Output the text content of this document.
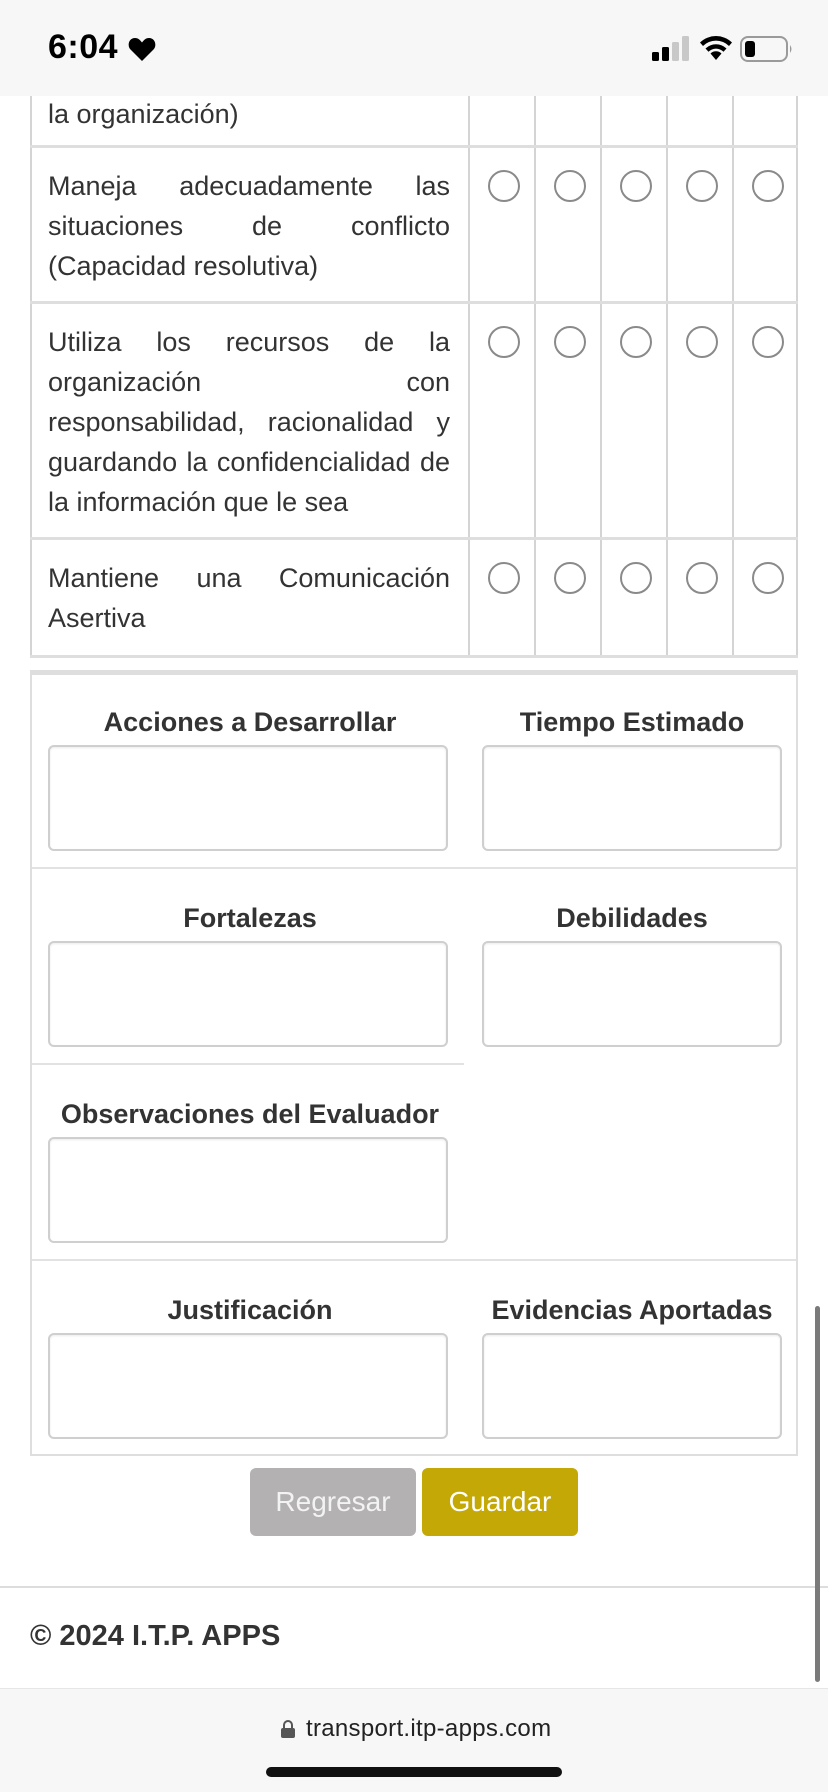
6:04
la organización)
Maneja adecuadamente las situaciones de conflicto (Capacidad resolutiva)
Utiliza los recursos de la organización con responsabilidad, racionalidad y guardando la confidencialidad de la información que le sea
Mantiene una Comunicación Asertiva
Acciones a Desarrollar	Tiempo Estimado
Fortalezas	Debilidades
Observaciones del Evaluador
Justificación	Evidencias Aportadas
Regresar	Guardar
© 2024 I.T.P. APPS
transport.itp-apps.com
